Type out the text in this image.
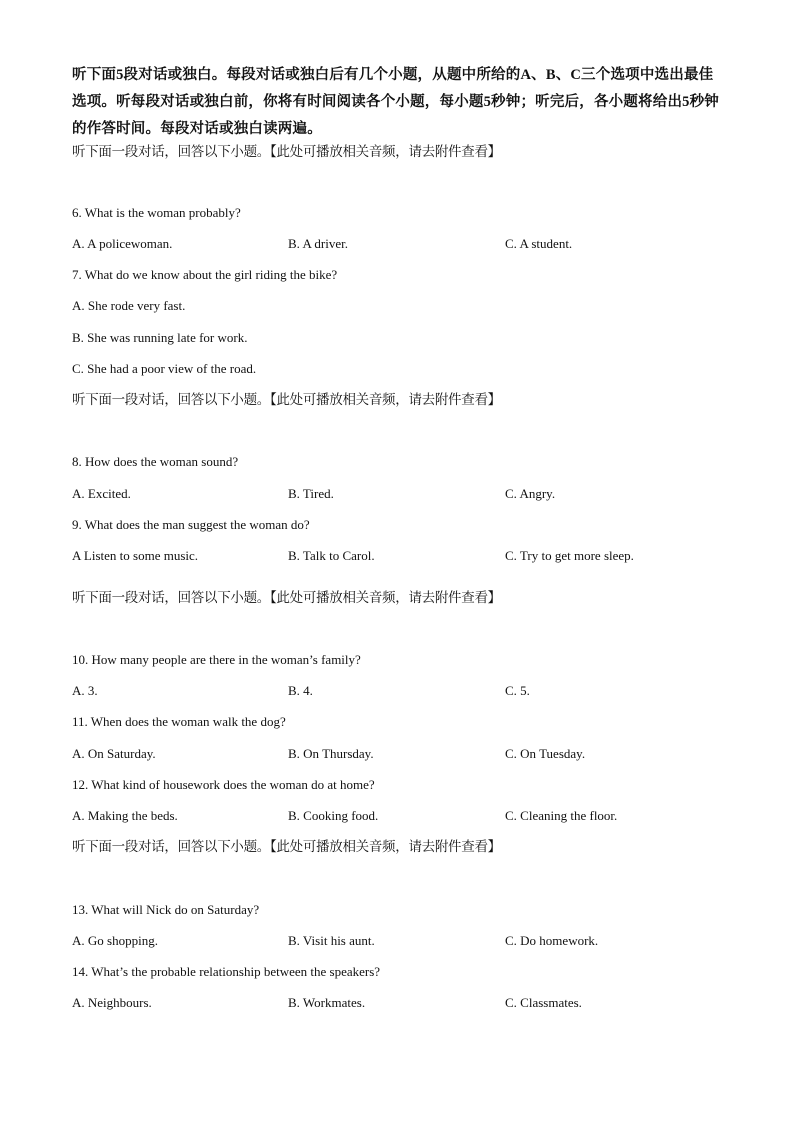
听下面5段对话或独白。每段对话或独白后有几个小题，从题中所给的A、B、C三个选项中选出最佳选项。听每段对话或独白前，你将有时间阅读各个小题，每小题5秒钟；听完后，各小题将给出5秒钟的作答时间。每段对话或独白读两遍。

听下面一段对话，回答以下小题。【此处可播放相关音频，请去附件查看】

6. What is the woman probably?

A. A policewoman.	B. A driver.	C. A student.

7. What do we know about the girl riding the bike?

A. She rode very fast.

B. She was running late for work.

C. She had a poor view of the road.

听下面一段对话，回答以下小题。【此处可播放相关音频，请去附件查看】

8. How does the woman sound?

A. Excited.	B. Tired.	C. Angry.

9. What does the man suggest the woman do?

A Listen to some music.	B. Talk to Carol.	C. Try to get more sleep.

听下面一段对话，回答以下小题。【此处可播放相关音频，请去附件查看】

10. How many people are there in the woman’s family?

A. 3.	B. 4.	C. 5.

11. When does the woman walk the dog?

A. On Saturday.	B. On Thursday.	C. On Tuesday.

12. What kind of housework does the woman do at home?

A. Making the beds.	B. Cooking food.	C. Cleaning the floor.

听下面一段对话，回答以下小题。【此处可播放相关音频，请去附件查看】

13. What will Nick do on Saturday?

A. Go shopping.	B. Visit his aunt.	C. Do homework.

14. What’s the probable relationship between the speakers?

A. Neighbours.	B. Workmates.	C. Classmates.
